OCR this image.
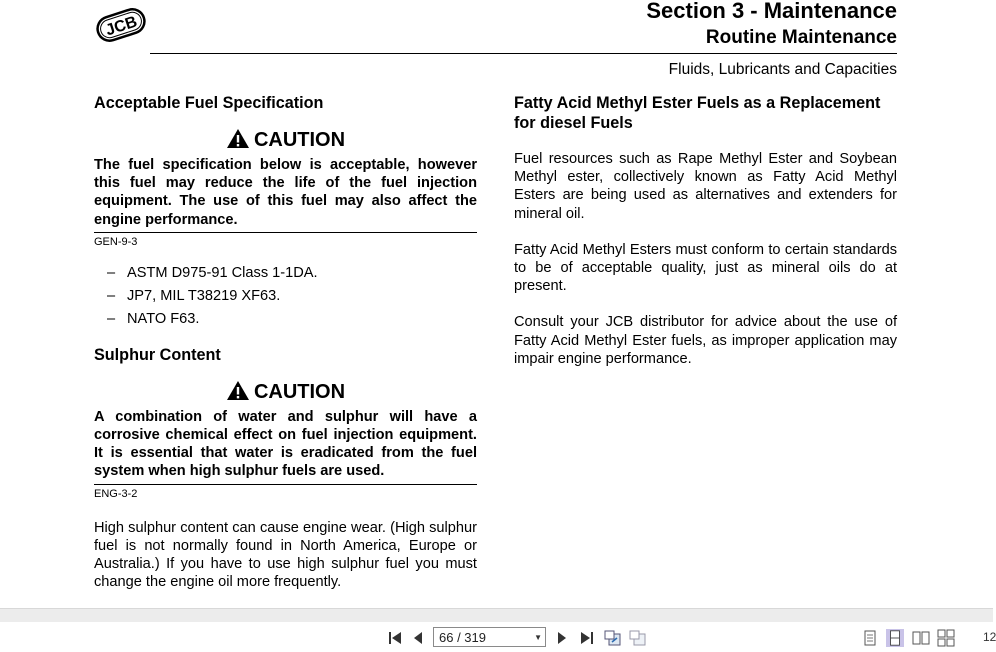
JCB
Section 3 - Maintenance
Routine Maintenance
Fluids, Lubricants and Capacities
Acceptable Fuel Specification
CAUTION
The fuel specification below is acceptable, however this fuel may reduce the life of the fuel injection equipment. The use of this fuel may also affect the engine performance.
GEN-9-3
– ASTM D975-91 Class 1-1DA.
– JP7, MIL T38219 XF63.
– NATO F63.
Sulphur Content
CAUTION
A combination of water and sulphur will have a corrosive chemical effect on fuel injection equipment. It is essential that water is eradicated from the fuel system when high sulphur fuels are used.
ENG-3-2
High sulphur content can cause engine wear. (High sulphur fuel is not normally found in North America, Europe or Australia.) If you have to use high sulphur fuel you must change the engine oil more frequently.
Fatty Acid Methyl Ester Fuels as a Replacement for diesel Fuels
Fuel resources such as Rape Methyl Ester and Soybean Methyl ester, collectively known as Fatty Acid Methyl Esters are being used as alternatives and extenders for mineral oil.
Fatty Acid Methyl Esters must conform to certain standards to be of acceptable quality, just as mineral oils do at present.
Consult your JCB distributor for advice about the use of Fatty Acid Methyl Ester fuels, as improper application may impair engine performance.
66 / 319	▼	12
